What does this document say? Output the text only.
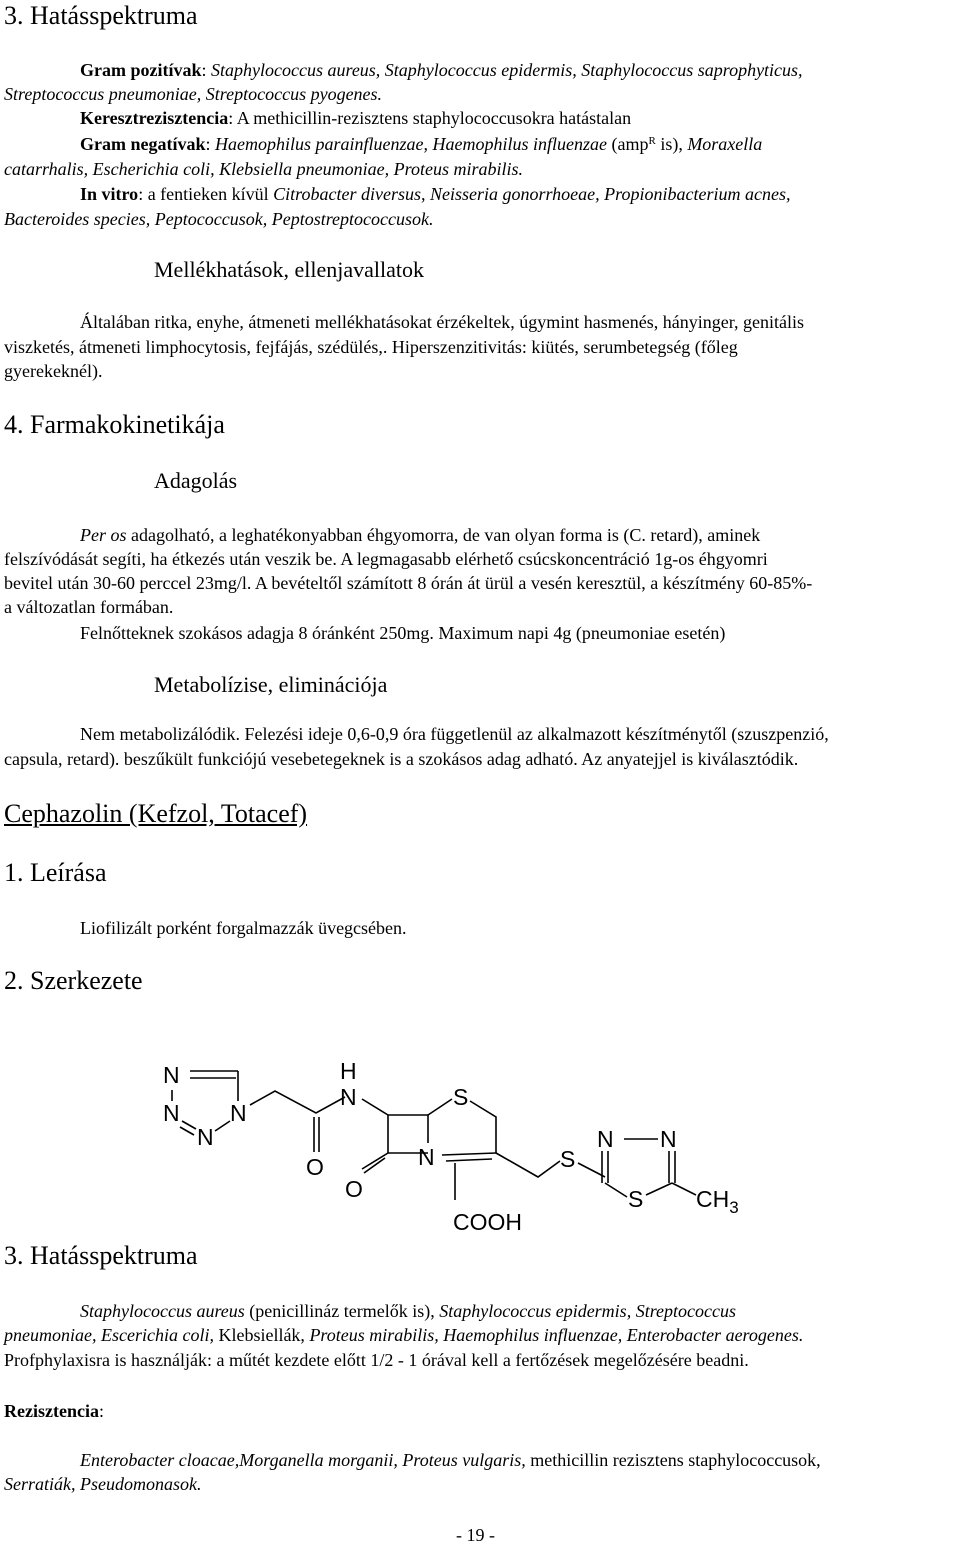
3. Hatásspektruma
Gram pozitívak: Staphylococcus aureus, Staphylococcus epidermis, Staphylococcus saprophyticus,
Streptococcus pneumoniae, Streptococcus pyogenes.
Keresztrezisztencia: A methicillin-rezisztens staphylococcusokra hatástalan
Gram negatívak: Haemophilus parainfluenzae, Haemophilus influenzae (amp$^R$ is), Moraxella
catarrhalis, Escherichia coli, Klebsiella pneumoniae, Proteus mirabilis.
In vitro: a fentieken kívül Citrobacter diversus, Neisseria gonorrhoeae, Propionibacterium acnes,
Bacteroides species, Peptococcusok, Peptostreptococcusok.
Mellékhatások, ellenjavallatok
Általában ritka, enyhe, átmeneti mellékhatásokat érzékeltek, úgymint hasmenés, hányinger, genitális
viszketés, átmeneti limphocytosis, fejfájás, szédülés,. Hiperszenzitivitás: kiütés, serumbetegség (főleg
gyerekeknél).
4. Farmakokinetikája
Adagolás
Per os adagolható, a leghatékonyabban éhgyomorra, de van olyan forma is (C. retard), aminek
felszívódását segíti, ha étkezés után veszik be. A legmagasabb elérhető csúcskoncentráció 1g-os éhgyomri
bevitel után 30-60 perccel 23mg/l. A bevételtől számított 8 órán át ürül a vesén keresztül, a készítmény 60-85%-
a változatlan formában.
Felnőtteknek szokásos adagja 8 óránként 250mg. Maximum napi 4g (pneumoniae esetén)
Metabolízise, eliminációja
Nem metabolizálódik. Felezési ideje 0,6-0,9 óra függetlenül az alkalmazott készítménytől (szuszpenzió,
capsula, retard). beszűkült funkciójú vesebetegeknek is a szokásos adag adható. Az anyatejjel is kiválasztódik.
Cephazolin (Kefzol, Totacef)
1. Leírása
Liofilizált porként forgalmazzák üvegcsében.
2. Szerkezete
N
N
N
N
O
H
N
O
N
S
COOH
S
N N
S $CH_3$
3. Hatásspektruma
Staphylococcus aureus (penicillináz termelők is), Staphylococcus epidermis, Streptococcus
pneumoniae, Escerichia coli, Klebsiellák, Proteus mirabilis, Haemophilus influenzae, Enterobacter aerogenes.
Profphylaxisra is használják: a műtét kezdete előtt 1/2 - 1 órával kell a fertőzések megelőzésére beadni.
Rezisztencia:
Enterobacter cloacae,Morganella morganii, Proteus vulgaris, methicillin rezisztens staphylococcusok,
Serratiák, Pseudomonasok.
- 19 -
